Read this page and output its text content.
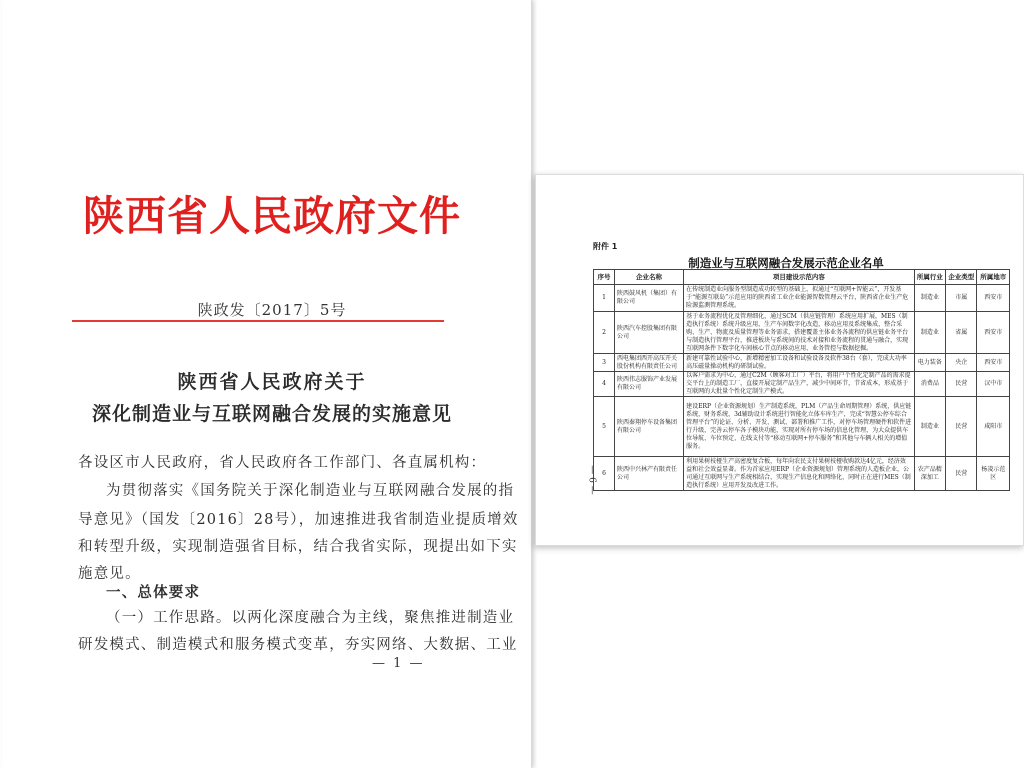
陕西省人民政府文件
陕政发〔2017〕5号
陕西省人民政府关于
深化制造业与互联网融合发展的实施意见
各设区市人民政府，省人民政府各工作部门、各直属机构：
为贯彻落实《国务院关于深化制造业与互联网融合发展的指
导意见》（国发〔2016〕28号），加速推进我省制造业提质增效
和转型升级，实现制造强省目标，结合我省实际，现提出如下实
施意见。
一、总体要求
（一）工作思路。以两化深度融合为主线，聚焦推进制造业
研发模式、制造模式和服务模式变革，夯实网络、大数据、工业
— 1 —
附件 1
制造业与互联网融合发展示范企业名单
— 6 —
序号	企业名称	项目建设示范内容	所属行业	企业类型	所属地市
1	陕西鼓风机（集团）有限公司	在传统制造业向服务型制造成功转型的基础上，拟通过“互联网+智能云”，开发基于“能源互联岛”示范应用的陕西省工业企业能源智数管理云平台，陕西省企业生产危险源监测管理系统。	制造业	市属	西安市
2	陕西汽车控股集团有限公司	基于业务流程优化及管理细化，通过SCM（供应链管理）系统应用扩展，MES（制造执行系统）系统升级应用，生产车间数字化改造，移动应用及系统集成，整合采购、生产、物流及质量管理等业务需求，搭建覆盖主体业务各流程的供应链业务平台与制造执行管理平台，推进板块与系统间的技术对接和业务流程的贯通与融合，实现互联网条件下数字化车间核心节点的移动应用、业务管控与数据挖掘。	制造业	省属	西安市
3	西电集团西开高压开关股份机构有限责任公司	新建可靠性试验中心，新增精密加工设备和试验设备及软件38台（套），完成大功率高压磁量操动机构的研制试验。	电力装备	央企	西安市
4	陕西伟志服饰产业发展有限公司	以客户需求为中心，通过C2M（顾客对工厂）平台，将用户个性化定制产品的需求提交平台上的制造工厂，直接开展定制产品生产，减少中间环节，节省成本，形成基于互联网的大批量个性化定制生产模式。	消费品	民营	汉中市
5	陕西秦翔停车设备集团有限公司	建设ERP（企业资源规划）生产制造系统，PLM（产品生命周期管理）系统，供应链系统，财务系统，3d辅助设计系统进行智能化立体车库生产，完成“智慧公停车综合管理平台”的论证、分析、开发、测试、部署和推广工作，对停车场管理硬件和软件进行升级，完善云停车各子模块功能，实现对所有停车场的信息化管理，为大众提供车位导航、车位预定、在线支付等“移动互联网+停车服务”和其他与车辆人相关的增值服务。	制造业	民营	咸阳市
6	陕西中兴林产有限责任公司	利用果树枝桠生产高密度复合板，每年向农民支付果树枝桠收购款达4亿元，经济效益和社会效益显著。作为首家应用ERP（企业资源规划）管理系统的人造板企业，公司通过互联网与生产系统相结合，实现生产信息化和网络化，同时正在进行MES（制造执行系统）应用开发及改进工作。	农产品精深加工	民营	杨凌示范区
